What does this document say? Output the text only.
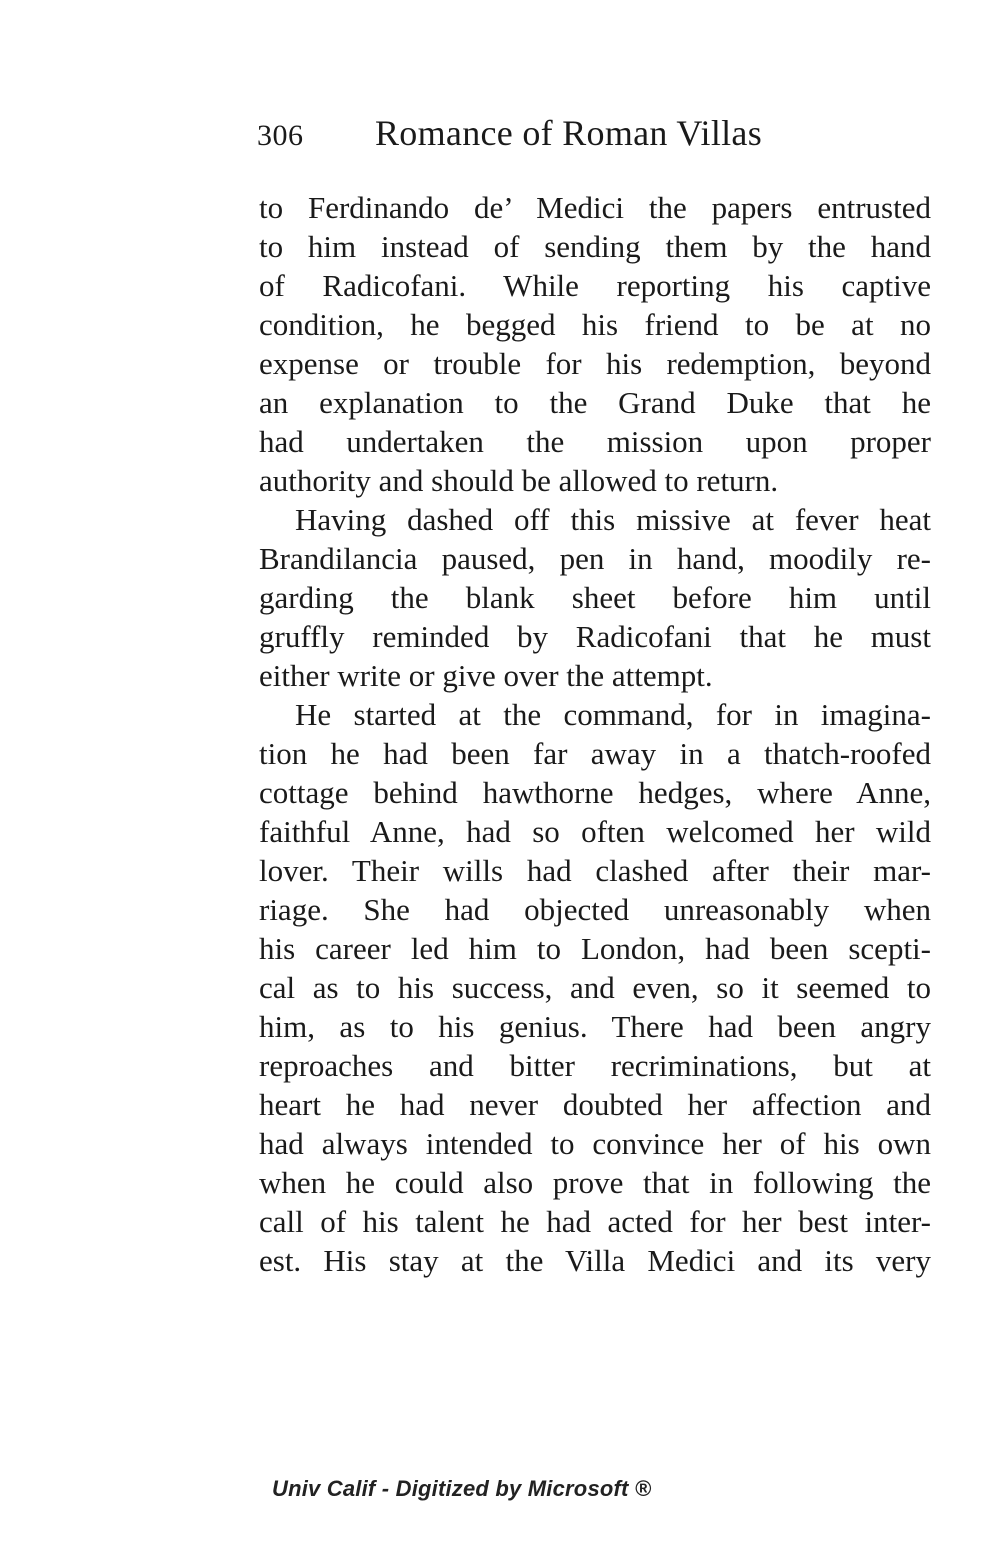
306	Romance of Roman Villas
to Ferdinando de’ Medici the papers entrusted
to him instead of sending them by the hand
of Radicofani. While reporting his captive
condition, he begged his friend to be at no
expense or trouble for his redemption, beyond
an explanation to the Grand Duke that he
had undertaken the mission upon proper
authority and should be allowed to return.
Having dashed off this missive at fever heat
Brandilancia paused, pen in hand, moodily re-
garding the blank sheet before him until
gruffly reminded by Radicofani that he must
either write or give over the attempt.
He started at the command, for in imagina-
tion he had been far away in a thatch-roofed
cottage behind hawthorne hedges, where Anne,
faithful Anne, had so often welcomed her wild
lover. Their wills had clashed after their mar-
riage. She had objected unreasonably when
his career led him to London, had been scepti-
cal as to his success, and even, so it seemed to
him, as to his genius. There had been angry
reproaches and bitter recriminations, but at
heart he had never doubted her affection and
had always intended to convince her of his own
when he could also prove that in following the
call of his talent he had acted for her best inter-
est. His stay at the Villa Medici and its very
Univ Calif - Digitized by Microsoft ®
